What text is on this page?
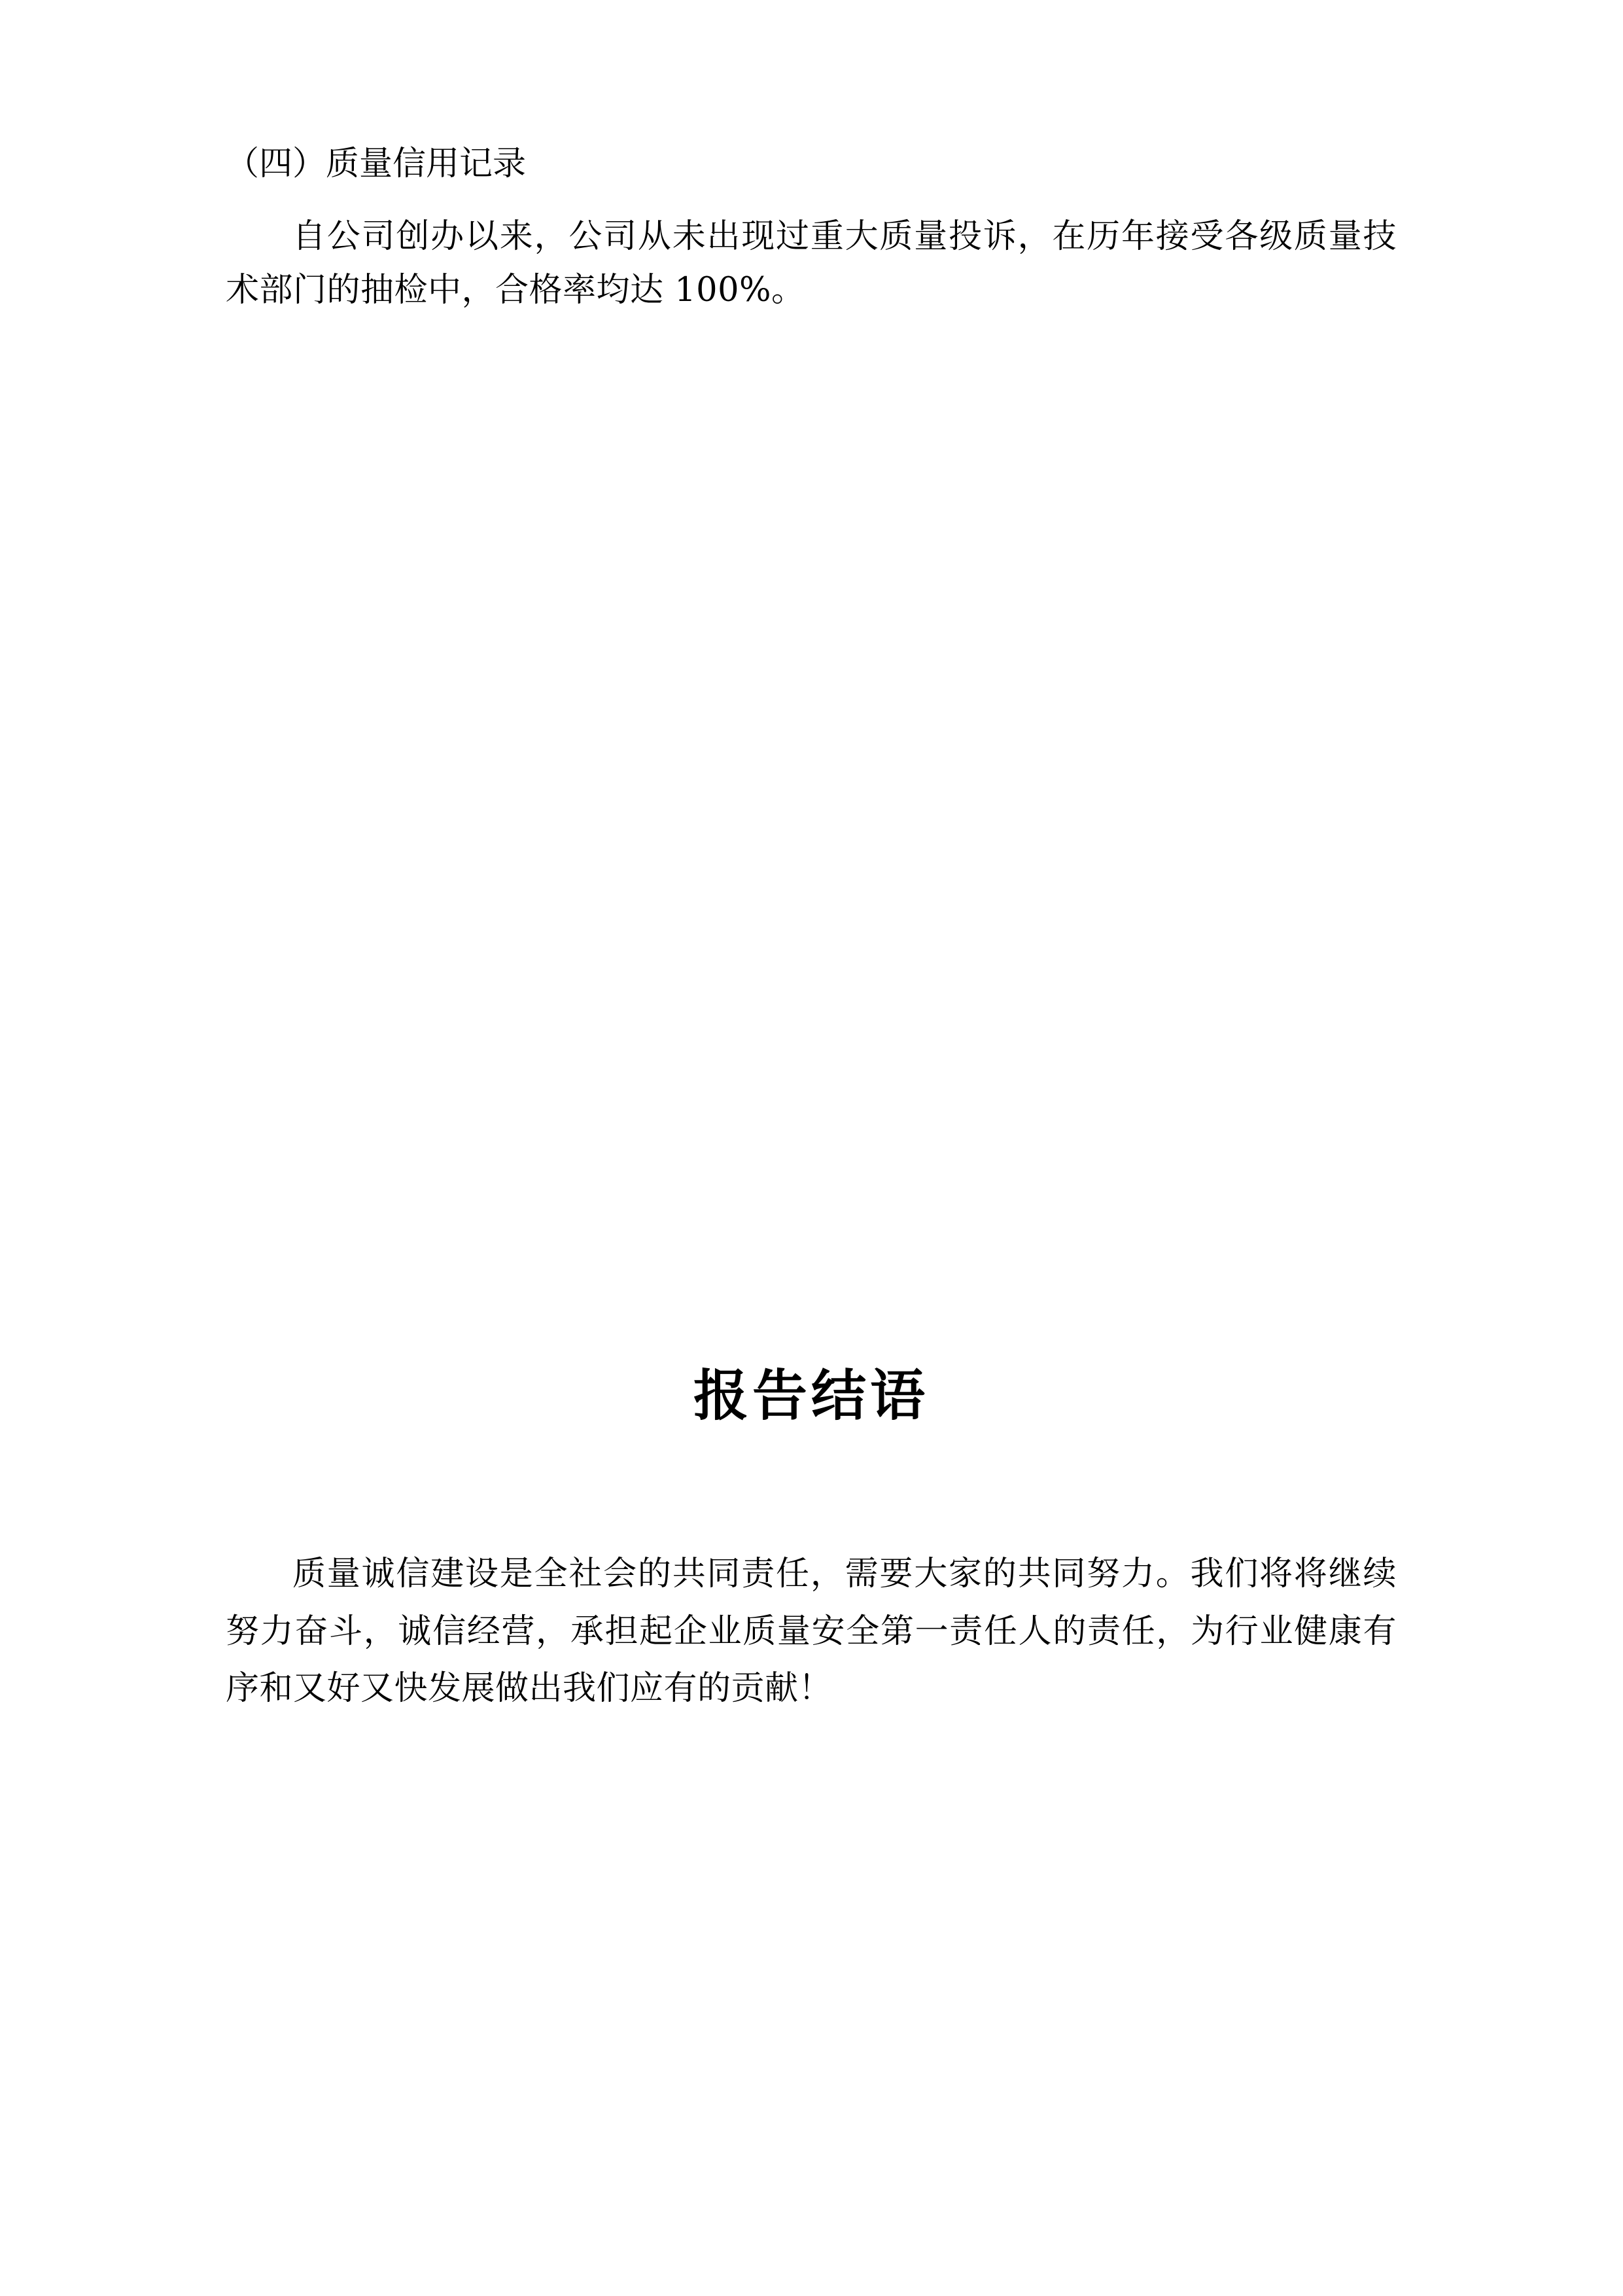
（四）质量信用记录

自公司创办以来，公司从未出现过重大质量投诉，在历年接受各级质量技术部门的抽检中，合格率均达 100%。

报告结语

质量诚信建设是全社会的共同责任，需要大家的共同努力。我们将将继续努力奋斗，诚信经营，承担起企业质量安全第一责任人的责任，为行业健康有序和又好又快发展做出我们应有的贡献！
